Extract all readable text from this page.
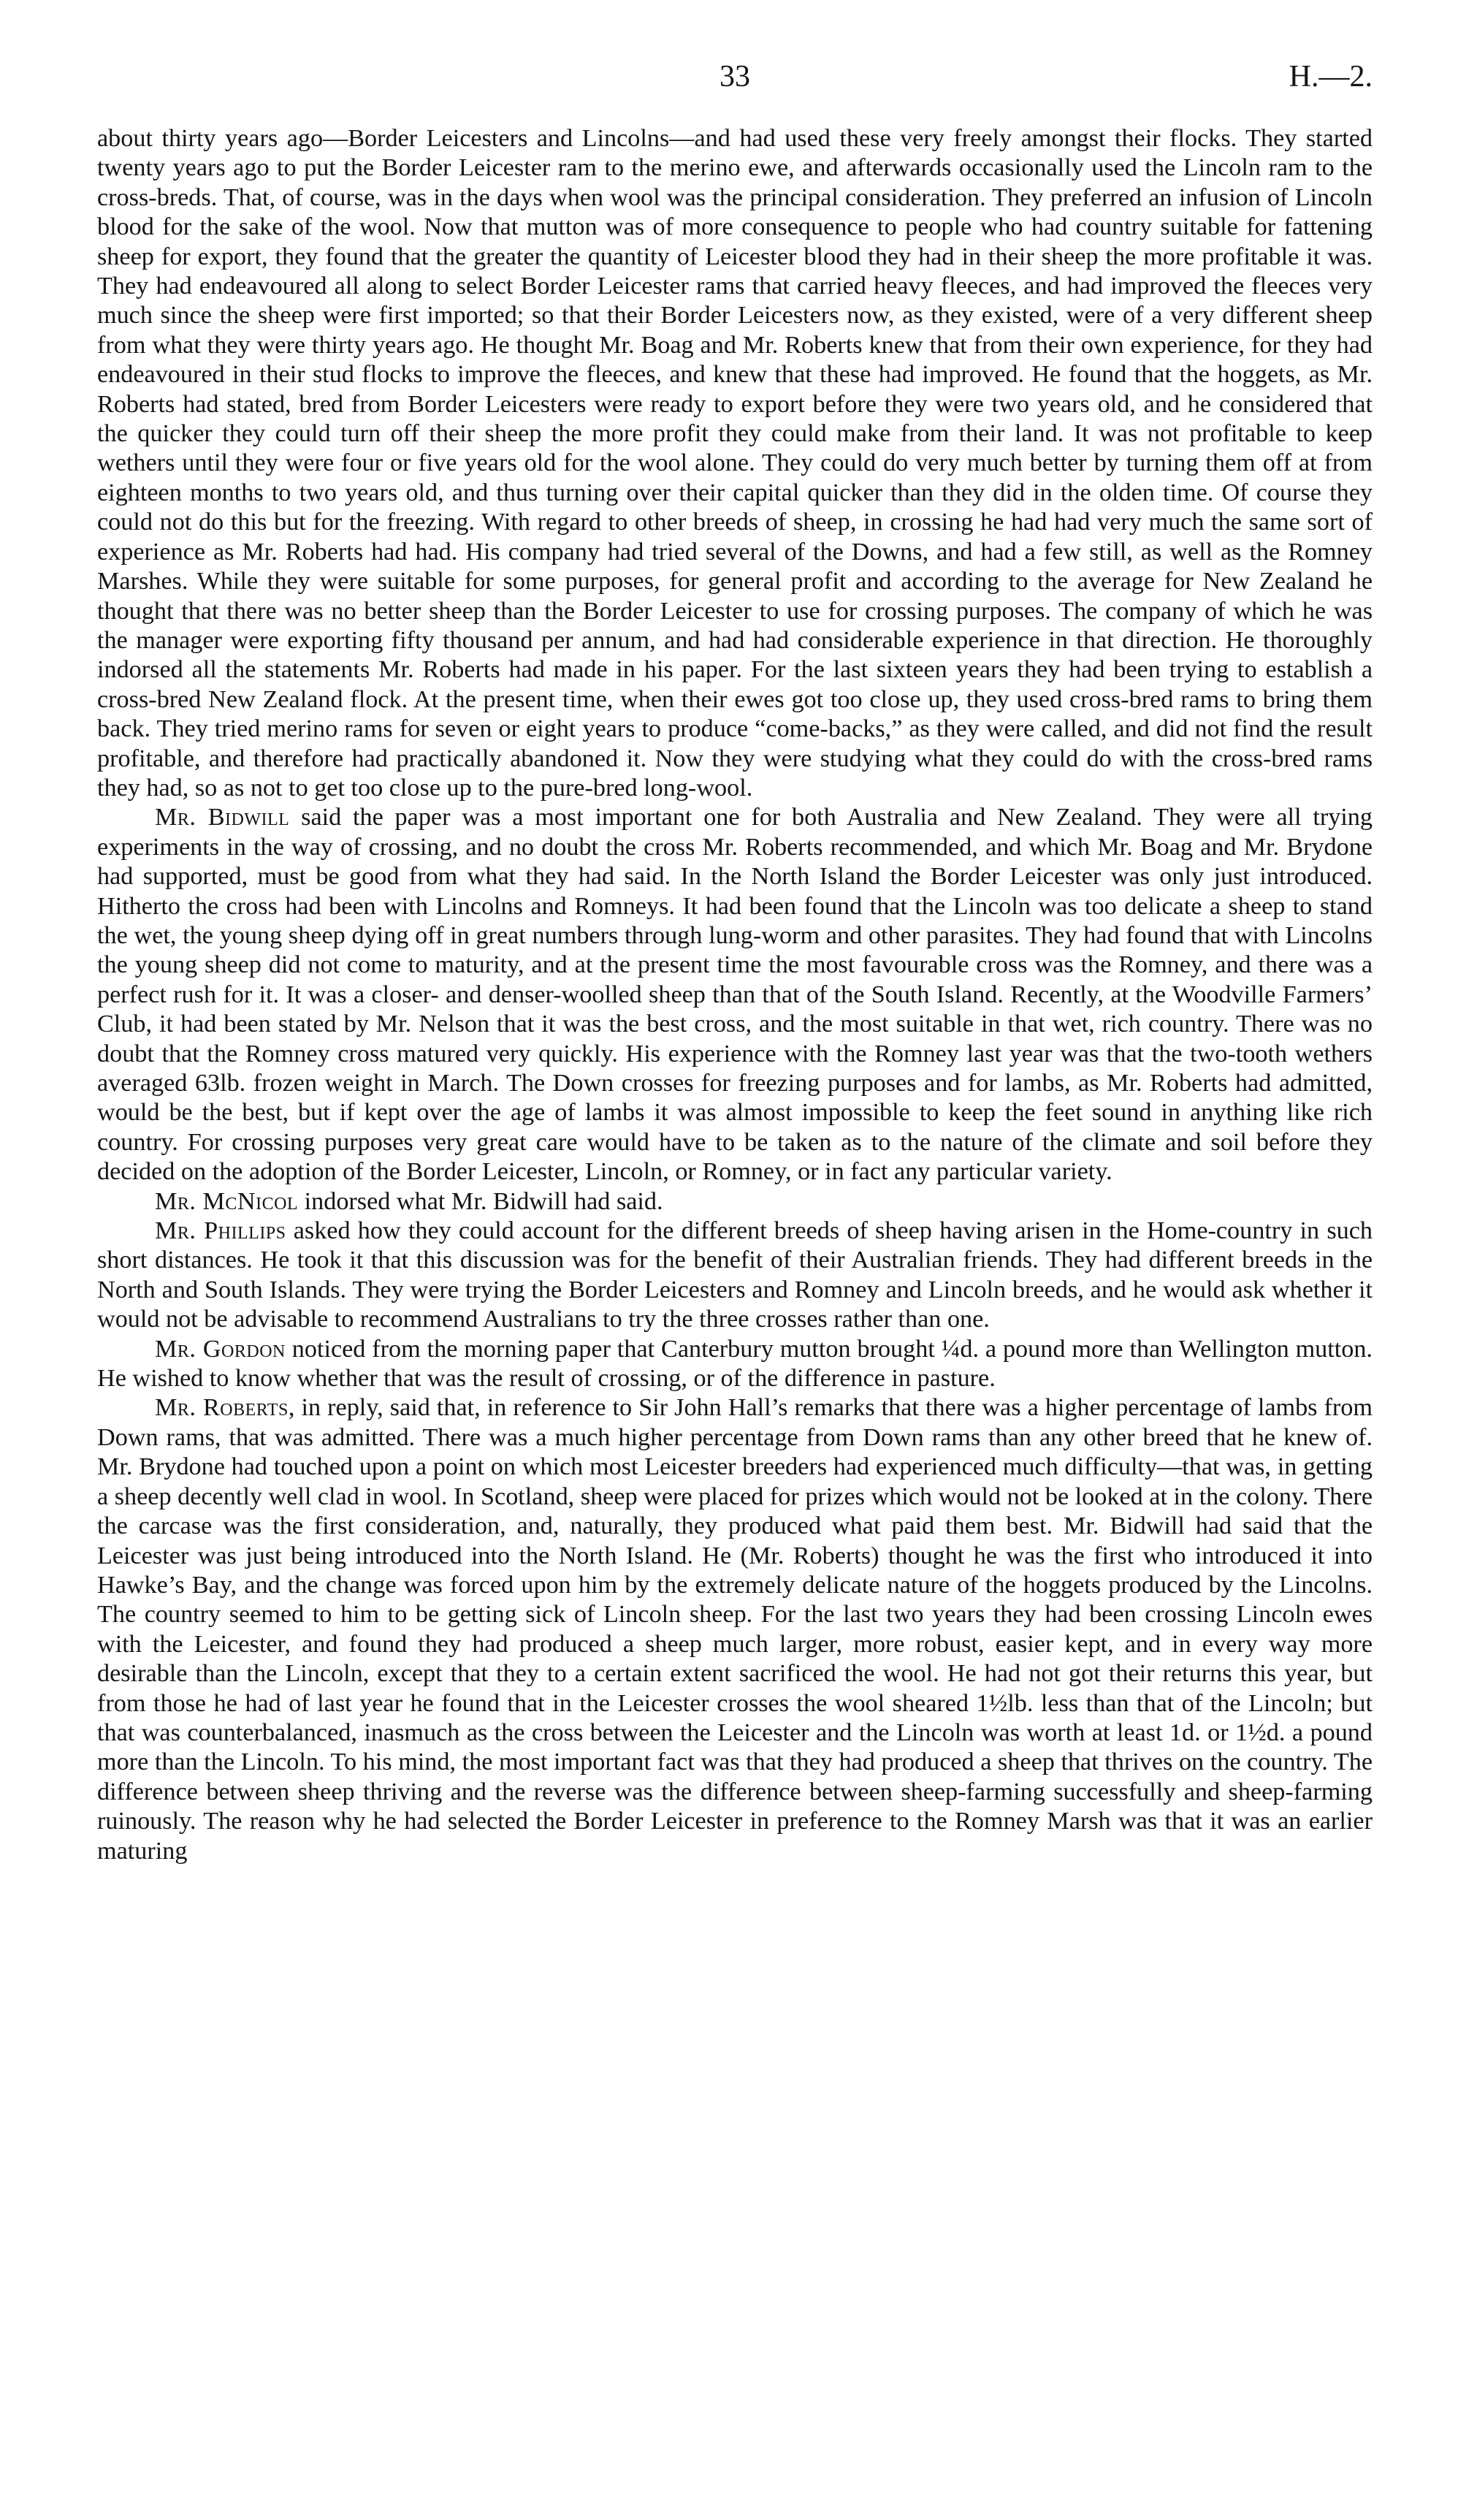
33	H.—2.

about thirty years ago—Border Leicesters and Lincolns—and had used these very freely amongst their flocks. They started twenty years ago to put the Border Leicester ram to the merino ewe, and afterwards occasionally used the Lincoln ram to the cross-breds. That, of course, was in the days when wool was the principal consideration. They preferred an infusion of Lincoln blood for the sake of the wool. Now that mutton was of more consequence to people who had country suitable for fattening sheep for export, they found that the greater the quantity of Leicester blood they had in their sheep the more profitable it was. They had endeavoured all along to select Border Leicester rams that carried heavy fleeces, and had improved the fleeces very much since the sheep were first imported; so that their Border Leicesters now, as they existed, were of a very different sheep from what they were thirty years ago. He thought Mr. Boag and Mr. Roberts knew that from their own experience, for they had endeavoured in their stud flocks to improve the fleeces, and knew that these had improved. He found that the hoggets, as Mr. Roberts had stated, bred from Border Leicesters were ready to export before they were two years old, and he considered that the quicker they could turn off their sheep the more profit they could make from their land. It was not profitable to keep wethers until they were four or five years old for the wool alone. They could do very much better by turning them off at from eighteen months to two years old, and thus turning over their capital quicker than they did in the olden time. Of course they could not do this but for the freezing. With regard to other breeds of sheep, in crossing he had had very much the same sort of experience as Mr. Roberts had had. His company had tried several of the Downs, and had a few still, as well as the Romney Marshes. While they were suitable for some purposes, for general profit and according to the average for New Zealand he thought that there was no better sheep than the Border Leicester to use for crossing purposes. The company of which he was the manager were exporting fifty thousand per annum, and had had considerable experience in that direction. He thoroughly indorsed all the statements Mr. Roberts had made in his paper. For the last sixteen years they had been trying to establish a cross-bred New Zealand flock. At the present time, when their ewes got too close up, they used cross-bred rams to bring them back. They tried merino rams for seven or eight years to produce “come-backs,” as they were called, and did not find the result profitable, and therefore had practically abandoned it. Now they were studying what they could do with the cross-bred rams they had, so as not to get too close up to the pure-bred long-wool.

Mr. Bidwill said the paper was a most important one for both Australia and New Zealand. They were all trying experiments in the way of crossing, and no doubt the cross Mr. Roberts recommended, and which Mr. Boag and Mr. Brydone had supported, must be good from what they had said. In the North Island the Border Leicester was only just introduced. Hitherto the cross had been with Lincolns and Romneys. It had been found that the Lincoln was too delicate a sheep to stand the wet, the young sheep dying off in great numbers through lung-worm and other parasites. They had found that with Lincolns the young sheep did not come to maturity, and at the present time the most favourable cross was the Romney, and there was a perfect rush for it. It was a closer- and denser-woolled sheep than that of the South Island. Recently, at the Woodville Farmers’ Club, it had been stated by Mr. Nelson that it was the best cross, and the most suitable in that wet, rich country. There was no doubt that the Romney cross matured very quickly. His experience with the Romney last year was that the two-tooth wethers averaged 63lb. frozen weight in March. The Down crosses for freezing purposes and for lambs, as Mr. Roberts had admitted, would be the best, but if kept over the age of lambs it was almost impossible to keep the feet sound in anything like rich country. For crossing purposes very great care would have to be taken as to the nature of the climate and soil before they decided on the adoption of the Border Leicester, Lincoln, or Romney, or in fact any particular variety.

Mr. McNicol indorsed what Mr. Bidwill had said.

Mr. Phillips asked how they could account for the different breeds of sheep having arisen in the Home-country in such short distances. He took it that this discussion was for the benefit of their Australian friends. They had different breeds in the North and South Islands. They were trying the Border Leicesters and Romney and Lincoln breeds, and he would ask whether it would not be advisable to recommend Australians to try the three crosses rather than one.

Mr. Gordon noticed from the morning paper that Canterbury mutton brought ¼d. a pound more than Wellington mutton. He wished to know whether that was the result of crossing, or of the difference in pasture.

Mr. Roberts, in reply, said that, in reference to Sir John Hall’s remarks that there was a higher percentage of lambs from Down rams, that was admitted. There was a much higher percentage from Down rams than any other breed that he knew of. Mr. Brydone had touched upon a point on which most Leicester breeders had experienced much difficulty—that was, in getting a sheep decently well clad in wool. In Scotland, sheep were placed for prizes which would not be looked at in the colony. There the carcase was the first consideration, and, naturally, they produced what paid them best. Mr. Bidwill had said that the Leicester was just being introduced into the North Island. He (Mr. Roberts) thought he was the first who introduced it into Hawke’s Bay, and the change was forced upon him by the extremely delicate nature of the hoggets produced by the Lincolns. The country seemed to him to be getting sick of Lincoln sheep. For the last two years they had been crossing Lincoln ewes with the Leicester, and found they had produced a sheep much larger, more robust, easier kept, and in every way more desirable than the Lincoln, except that they to a certain extent sacrificed the wool. He had not got their returns this year, but from those he had of last year he found that in the Leicester crosses the wool sheared 1½lb. less than that of the Lincoln; but that was counterbalanced, inasmuch as the cross between the Leicester and the Lincoln was worth at least 1d. or 1½d. a pound more than the Lincoln. To his mind, the most important fact was that they had produced a sheep that thrives on the country. The difference between sheep thriving and the reverse was the difference between sheep-farming successfully and sheep-farming ruinously. The reason why he had selected the Border Leicester in preference to the Romney Marsh was that it was an earlier maturing
